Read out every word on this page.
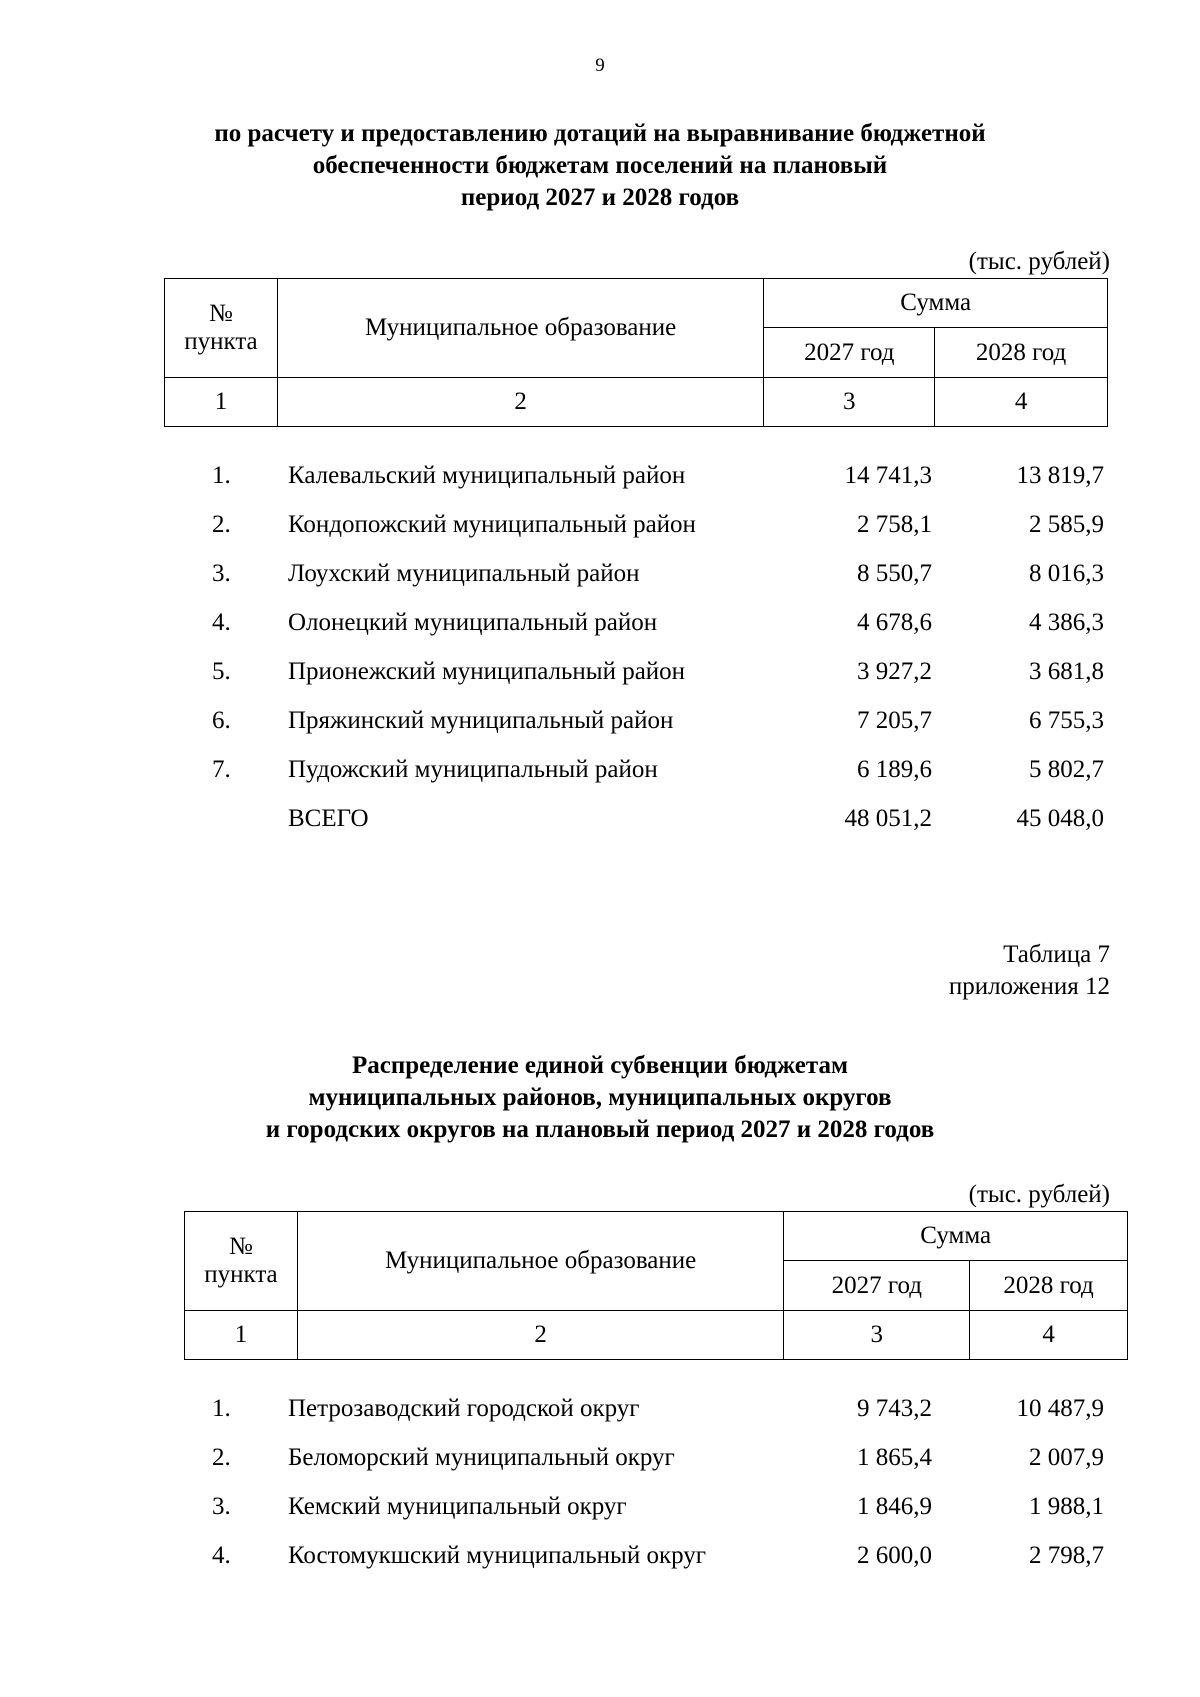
9
по расчету и предоставлению дотаций на выравнивание бюджетной
обеспеченности бюджетам поселений на плановый
период 2027 и 2028 годов
(тыс. рублей)
№
пункта	Муниципальное образование	Сумма	
		2027 год	2028 год
1	2	3	4
1. Калевальский муниципальный район	14 741,3	13 819,7
2. Кондопожский муниципальный район	2 758,1	2 585,9
3. Лоухский муниципальный район	8 550,7	8 016,3
4. Олонецкий муниципальный район	4 678,6	4 386,3
5. Прионежский муниципальный район	3 927,2	3 681,8
6. Пряжинский муниципальный район	7 205,7	6 755,3
7. Пудожский муниципальный район	6 189,6	5 802,7
ВСЕГО	48 051,2	45 048,0
Таблица 7
приложения 12
Распределение единой субвенции бюджетам
муниципальных районов, муниципальных округов
и городских округов на плановый период 2027 и 2028 годов
(тыс. рублей)
№
пункта	Муниципальное образование	Сумма	
		2027 год	2028 год
1	2	3	4
1. Петрозаводский городской округ	9 743,2	10 487,9
2. Беломорский муниципальный округ	1 865,4	2 007,9
3. Кемский муниципальный округ	1 846,9	1 988,1
4. Костомукшский муниципальный округ	2 600,0	2 798,7
